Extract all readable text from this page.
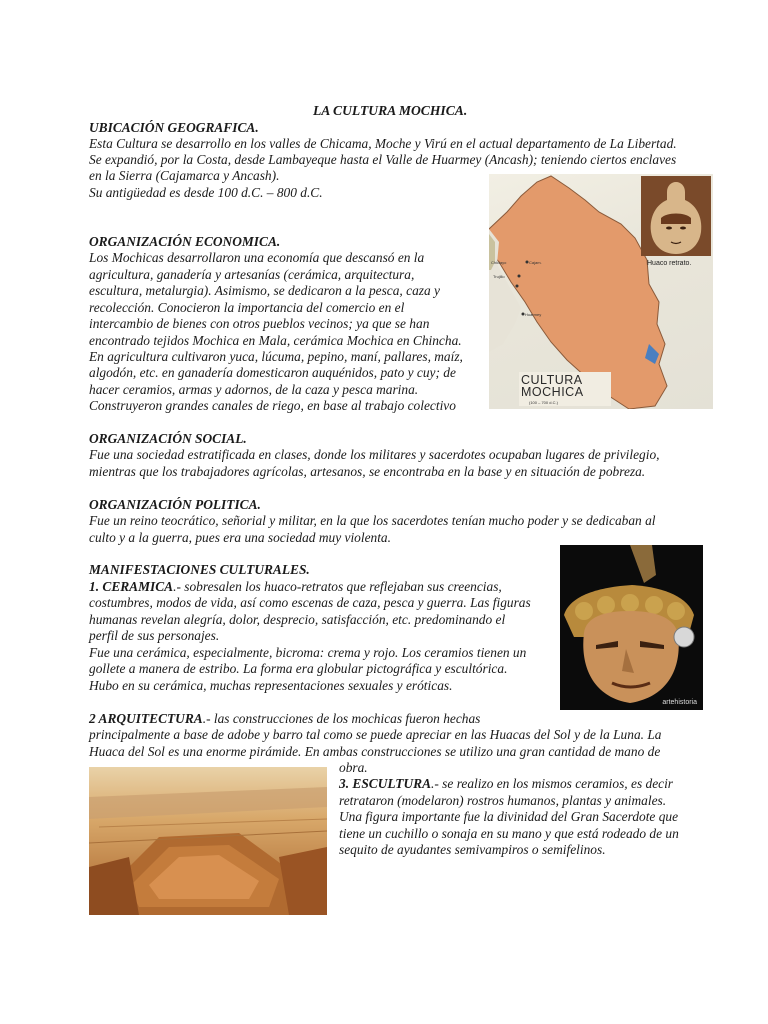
LA CULTURA MOCHICA.
UBICACIÓN GEOGRAFICA.
Esta Cultura se desarrollo en los valles de Chicama, Moche y Virú en el actual departamento de La Libertad.
Se expandió, por la Costa, desde Lambayeque hasta el Valle de Huarmey (Ancash); teniendo ciertos enclaves
en la Sierra (Cajamarca y Ancash).
Su antigüedad es desde 100 d.C. – 800 d.C.
ORGANIZACIÓN ECONOMICA.
Los Mochicas desarrollaron una economía que descansó en la
agricultura, ganadería y artesanías (cerámica, arquitectura,
escultura, metalurgia). Asimismo, se dedicaron a la pesca, caza y
recolección. Conocieron la importancia del comercio en el
intercambio de bienes con otros pueblos vecinos; ya que se han
encontrado tejidos Mochica en Mala, cerámica Mochica en Chincha.
En agricultura cultivaron yuca, lúcuma, pepino, maní, pallares, maíz,
algodón, etc. en ganadería domesticaron auquénidos, pato y cuy; de
hacer ceramios, armas y adornos, de la caza y pesca marina.
Construyeron grandes canales de riego, en base al trabajo colectivo
Chiclayo	Cajam.
Trujillo
Huarmey
Huaco retrato.
CULTURA
MOCHICA
(100 – 700 d.C.)
ORGANIZACIÓN SOCIAL.
Fue una sociedad estratificada en clases, donde los militares y sacerdotes ocupaban lugares de privilegio,
mientras que los trabajadores agrícolas, artesanos, se encontraba en la base y en situación de pobreza.
ORGANIZACIÓN POLITICA.
Fue un reino teocrático, señorial y militar, en la que los sacerdotes tenían mucho poder y se dedicaban al
culto y a la guerra, pues era una sociedad muy violenta.
MANIFESTACIONES CULTURALES.
1. CERAMICA.- sobresalen los huaco-retratos que reflejaban sus creencias,
costumbres, modos de vida, así como escenas de caza, pesca y guerra. Las figuras
humanas revelan alegría, dolor, desprecio, satisfacción, etc. predominando el
perfil de sus personajes.
Fue una cerámica, especialmente, bicroma: crema y rojo. Los ceramios tienen un
gollete a manera de estribo. La forma era globular pictográfica y escultórica.
Hubo en su cerámica, muchas representaciones sexuales y eróticas.
artehistoria
2 ARQUITECTURA.- las construcciones de los mochicas fueron hechas
principalmente a base de adobe y barro tal como se puede apreciar en las Huacas del Sol y de la Luna. La
Huaca del Sol es una enorme pirámide. En ambas construcciones se utilizo una gran cantidad de mano de
obra.
3. ESCULTURA.- se realizo en los mismos ceramios, es decir
retrataron (modelaron) rostros humanos, plantas y animales.
Una figura importante fue la divinidad del Gran Sacerdote que
tiene un cuchillo o sonaja en su mano y que está rodeado de un
sequito de ayudantes semivampiros o semifelinos.
